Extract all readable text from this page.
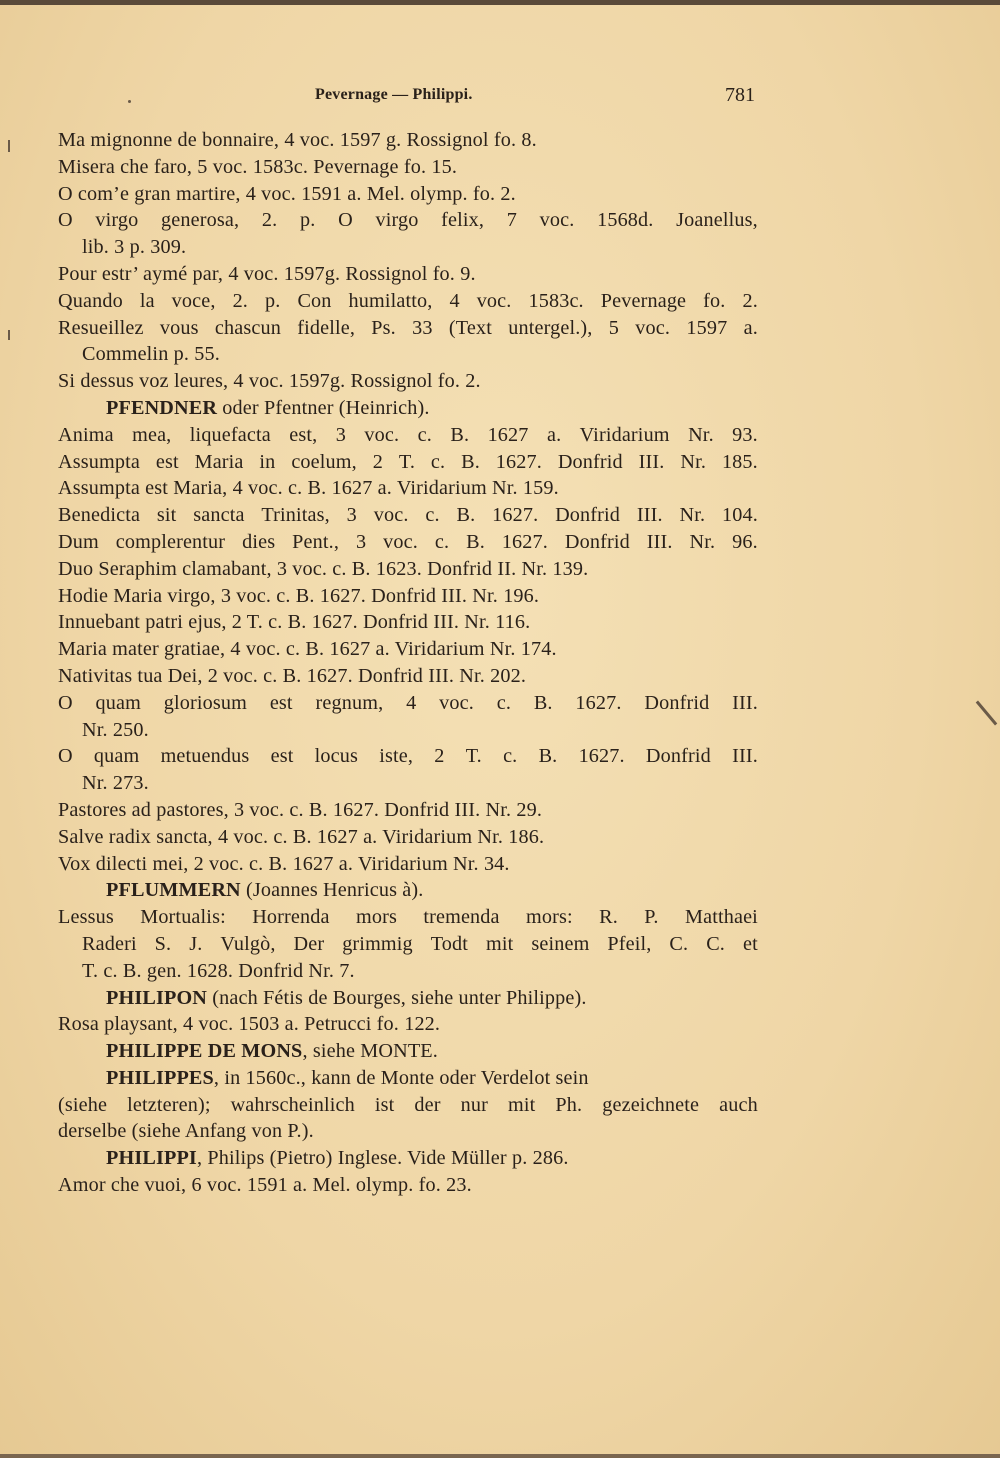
Pevernage — Philippi.	781
Ma mignonne de bonnaire, 4 voc. 1597 g. Rossignol fo. 8.
Misera che faro, 5 voc. 1583c. Pevernage fo. 15.
O com’e gran martire, 4 voc. 1591 a. Mel. olymp. fo. 2.
O virgo generosa, 2. p. O virgo felix, 7 voc. 1568d. Joanellus,
lib. 3 p. 309.
Pour estr’ aymé par, 4 voc. 1597g. Rossignol fo. 9.
Quando la voce, 2. p. Con humilatto, 4 voc. 1583c. Pevernage fo. 2.
Resueillez vous chascun fidelle, Ps. 33 (Text untergel.), 5 voc. 1597 a.
Commelin p. 55.
Si dessus voz leures, 4 voc. 1597g. Rossignol fo. 2.
PFENDNER oder Pfentner (Heinrich).
Anima mea, liquefacta est, 3 voc. c. B. 1627 a. Viridarium Nr. 93.
Assumpta est Maria in coelum, 2 T. c. B. 1627. Donfrid III. Nr. 185.
Assumpta est Maria, 4 voc. c. B. 1627 a. Viridarium Nr. 159.
Benedicta sit sancta Trinitas, 3 voc. c. B. 1627. Donfrid III. Nr. 104.
Dum complerentur dies Pent., 3 voc. c. B. 1627. Donfrid III. Nr. 96.
Duo Seraphim clamabant, 3 voc. c. B. 1623. Donfrid II. Nr. 139.
Hodie Maria virgo, 3 voc. c. B. 1627. Donfrid III. Nr. 196.
Innuebant patri ejus, 2 T. c. B. 1627. Donfrid III. Nr. 116.
Maria mater gratiae, 4 voc. c. B. 1627 a. Viridarium Nr. 174.
Nativitas tua Dei, 2 voc. c. B. 1627. Donfrid III. Nr. 202.
O quam gloriosum est regnum, 4 voc. c. B. 1627. Donfrid III.
Nr. 250.
O quam metuendus est locus iste, 2 T. c. B. 1627. Donfrid III.
Nr. 273.
Pastores ad pastores, 3 voc. c. B. 1627. Donfrid III. Nr. 29.
Salve radix sancta, 4 voc. c. B. 1627 a. Viridarium Nr. 186.
Vox dilecti mei, 2 voc. c. B. 1627 a. Viridarium Nr. 34.
PFLUMMERN (Joannes Henricus à).
Lessus Mortualis: Horrenda mors tremenda mors: R. P. Matthaei
Raderi S. J. Vulgò, Der grimmig Todt mit seinem Pfeil, C. C. et
T. c. B. gen. 1628. Donfrid Nr. 7.
PHILIPON (nach Fétis de Bourges, siehe unter Philippe).
Rosa playsant, 4 voc. 1503 a. Petrucci fo. 122.
PHILIPPE DE MONS, siehe MONTE.
PHILIPPES, in 1560c., kann de Monte oder Verdelot sein
(siehe letzteren); wahrscheinlich ist der nur mit Ph. gezeichnete auch
derselbe (siehe Anfang von P.).
PHILIPPI, Philips (Pietro) Inglese. Vide Müller p. 286.
Amor che vuoi, 6 voc. 1591 a. Mel. olymp. fo. 23.
